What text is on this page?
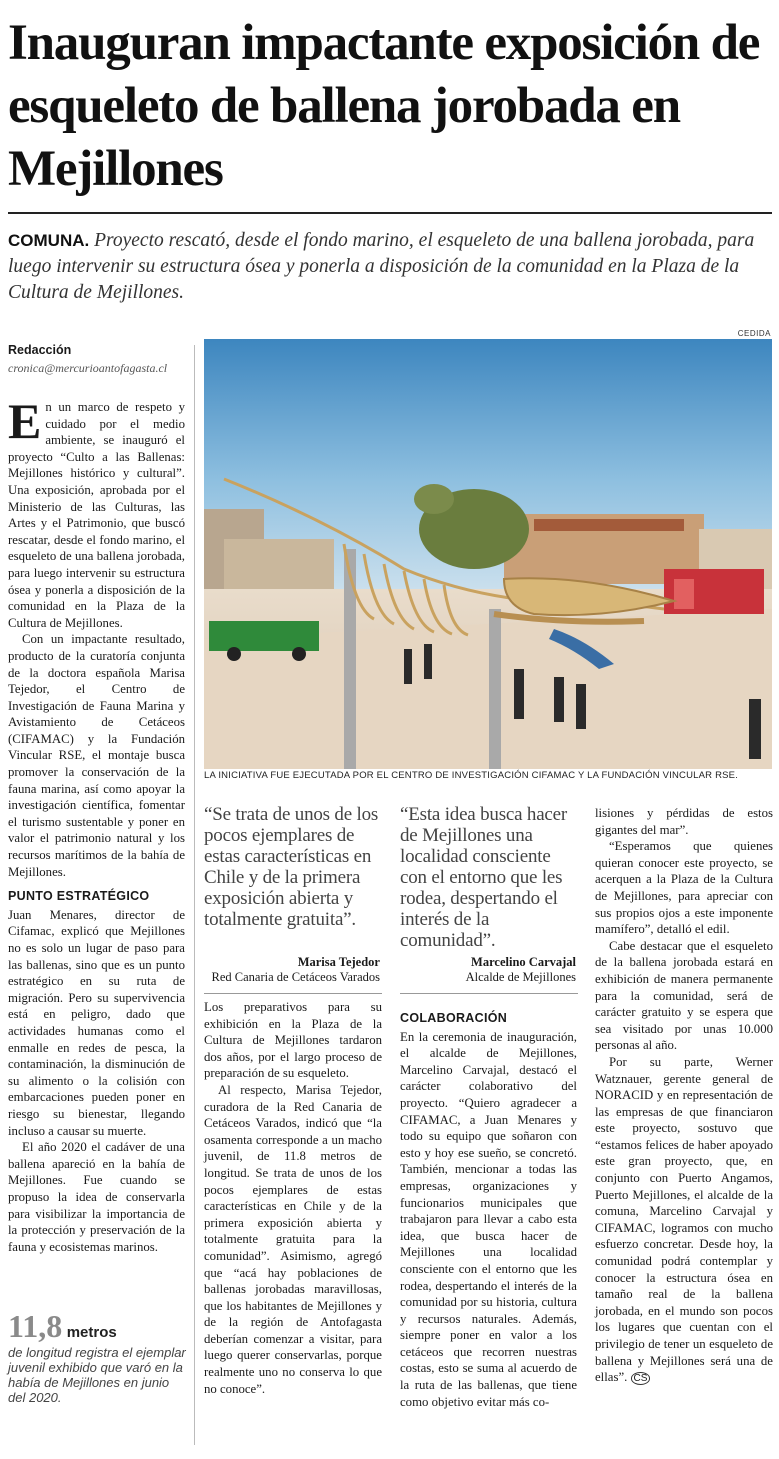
Inauguran impactante exposición de esqueleto de ballena jorobada en Mejillones

COMUNA. Proyecto rescató, desde el fondo marino, el esqueleto de una ballena jorobada, para luego intervenir su estructura ósea y ponerla a disposición de la comunidad en la Plaza de la Cultura de Mejillones.

Redacción
cronica@mercurioantofagasta.cl
CEDIDA
LA INICIATIVA FUE EJECUTADA POR EL CENTRO DE INVESTIGACIÓN CIFAMAC Y LA FUNDACIÓN VINCULAR RSE.

En un marco de respeto y cuidado por el medio ambiente, se inauguró el proyecto “Culto a las Ballenas: Mejillones histórico y cultural”. Una exposición, aprobada por el Ministerio de las Culturas, las Artes y el Patrimonio, que buscó rescatar, desde el fondo marino, el esqueleto de una ballena jorobada, para luego intervenir su estructura ósea y ponerla a disposición de la comunidad en la Plaza de la Cultura de Mejillones.

Con un impactante resultado, producto de la curatoría conjunta de la doctora española Marisa Tejedor, el Centro de Investigación de Fauna Marina y Avistamiento de Cetáceos (CIFAMAC) y la Fundación Vincular RSE, el montaje busca promover la conservación de la fauna marina, así como apoyar la investigación científica, fomentar el turismo sustentable y poner en valor el patrimonio natural y los recursos marítimos de la bahía de Mejillones.

PUNTO ESTRATÉGICO

Juan Menares, director de Cifamac, explicó que Mejillones no es solo un lugar de paso para las ballenas, sino que es un punto estratégico en su ruta de migración. Pero su supervivencia está en peligro, dado que actividades humanas como el enmalle en redes de pesca, la contaminación, la disminución de su alimento o la colisión con embarcaciones pueden poner en riesgo su bienestar, llegando incluso a causar su muerte.

El año 2020 el cadáver de una ballena apareció en la bahía de Mejillones. Fue cuando se propuso la idea de conservarla para visibilizar la importancia de la protección y preservación de la fauna y ecosistemas marinos.

11,8 metros
de longitud registra el ejemplar juvenil exhibido que varó en la había de Mejillones en junio del 2020.
“Se trata de unos de los pocos ejemplares de estas características en Chile y de la primera exposición abierta y totalmente gratuita”.
Marisa Tejedor
Red Canaria de Cetáceos Varados
“Esta idea busca hacer de Mejillones una localidad consciente con el entorno que les rodea, despertando el interés de la comunidad”.
Marcelino Carvajal
Alcalde de Mejillones

Los preparativos para su exhibición en la Plaza de la Cultura de Mejillones tardaron dos años, por el largo proceso de preparación de su esqueleto.

Al respecto, Marisa Tejedor, curadora de la Red Canaria de Cetáceos Varados, indicó que “la osamenta corresponde a un macho juvenil, de 11.8 metros de longitud. Se trata de unos de los pocos ejemplares de estas características en Chile y de la primera exposición abierta y totalmente gratuita para la comunidad”. Asimismo, agregó que “acá hay poblaciones de ballenas jorobadas maravillosas, que los habitantes de Mejillones y de la región de Antofagasta deberían comenzar a visitar, para luego querer conservarlas, porque realmente uno no conserva lo que no conoce”.

COLABORACIÓN

En la ceremonia de inauguración, el alcalde de Mejillones, Marcelino Carvajal, destacó el carácter colaborativo del proyecto. “Quiero agradecer a CIFAMAC, a Juan Menares y todo su equipo que soñaron con esto y hoy ese sueño, se concretó. También, mencionar a todas las empresas, organizaciones y funcionarios municipales que trabajaron para llevar a cabo esta idea, que busca hacer de Mejillones una localidad consciente con el entorno que les rodea, despertando el interés de la comunidad por su historia, cultura y recursos naturales. Además, siempre poner en valor a los cetáceos que recorren nuestras costas, esto se suma al acuerdo de la ruta de las ballenas, que tiene como objetivo evitar más co-

lisiones y pérdidas de estos gigantes del mar”.

“Esperamos que quienes quieran conocer este proyecto, se acerquen a la Plaza de la Cultura de Mejillones, para apreciar con sus propios ojos a este imponente mamífero”, detalló el edil.

Cabe destacar que el esqueleto de la ballena jorobada estará en exhibición de manera permanente para la comunidad, será de carácter gratuito y se espera que sea visitado por unas 10.000 personas al año.

Por su parte, Werner Watznauer, gerente general de NORACID y en representación de las empresas de que financiaron este proyecto, sostuvo que “estamos felices de haber apoyado este gran proyecto, que, en conjunto con Puerto Angamos, Puerto Mejillones, el alcalde de la comuna, Marcelino Carvajal y CIFAMAC, logramos con mucho esfuerzo concretar. Desde hoy, la comunidad podrá contemplar y conocer la estructura ósea en tamaño real de la ballena jorobada, en el mundo son pocos los lugares que cuentan con el privilegio de tener un esqueleto de ballena y Mejillones será una de ellas”. CS
